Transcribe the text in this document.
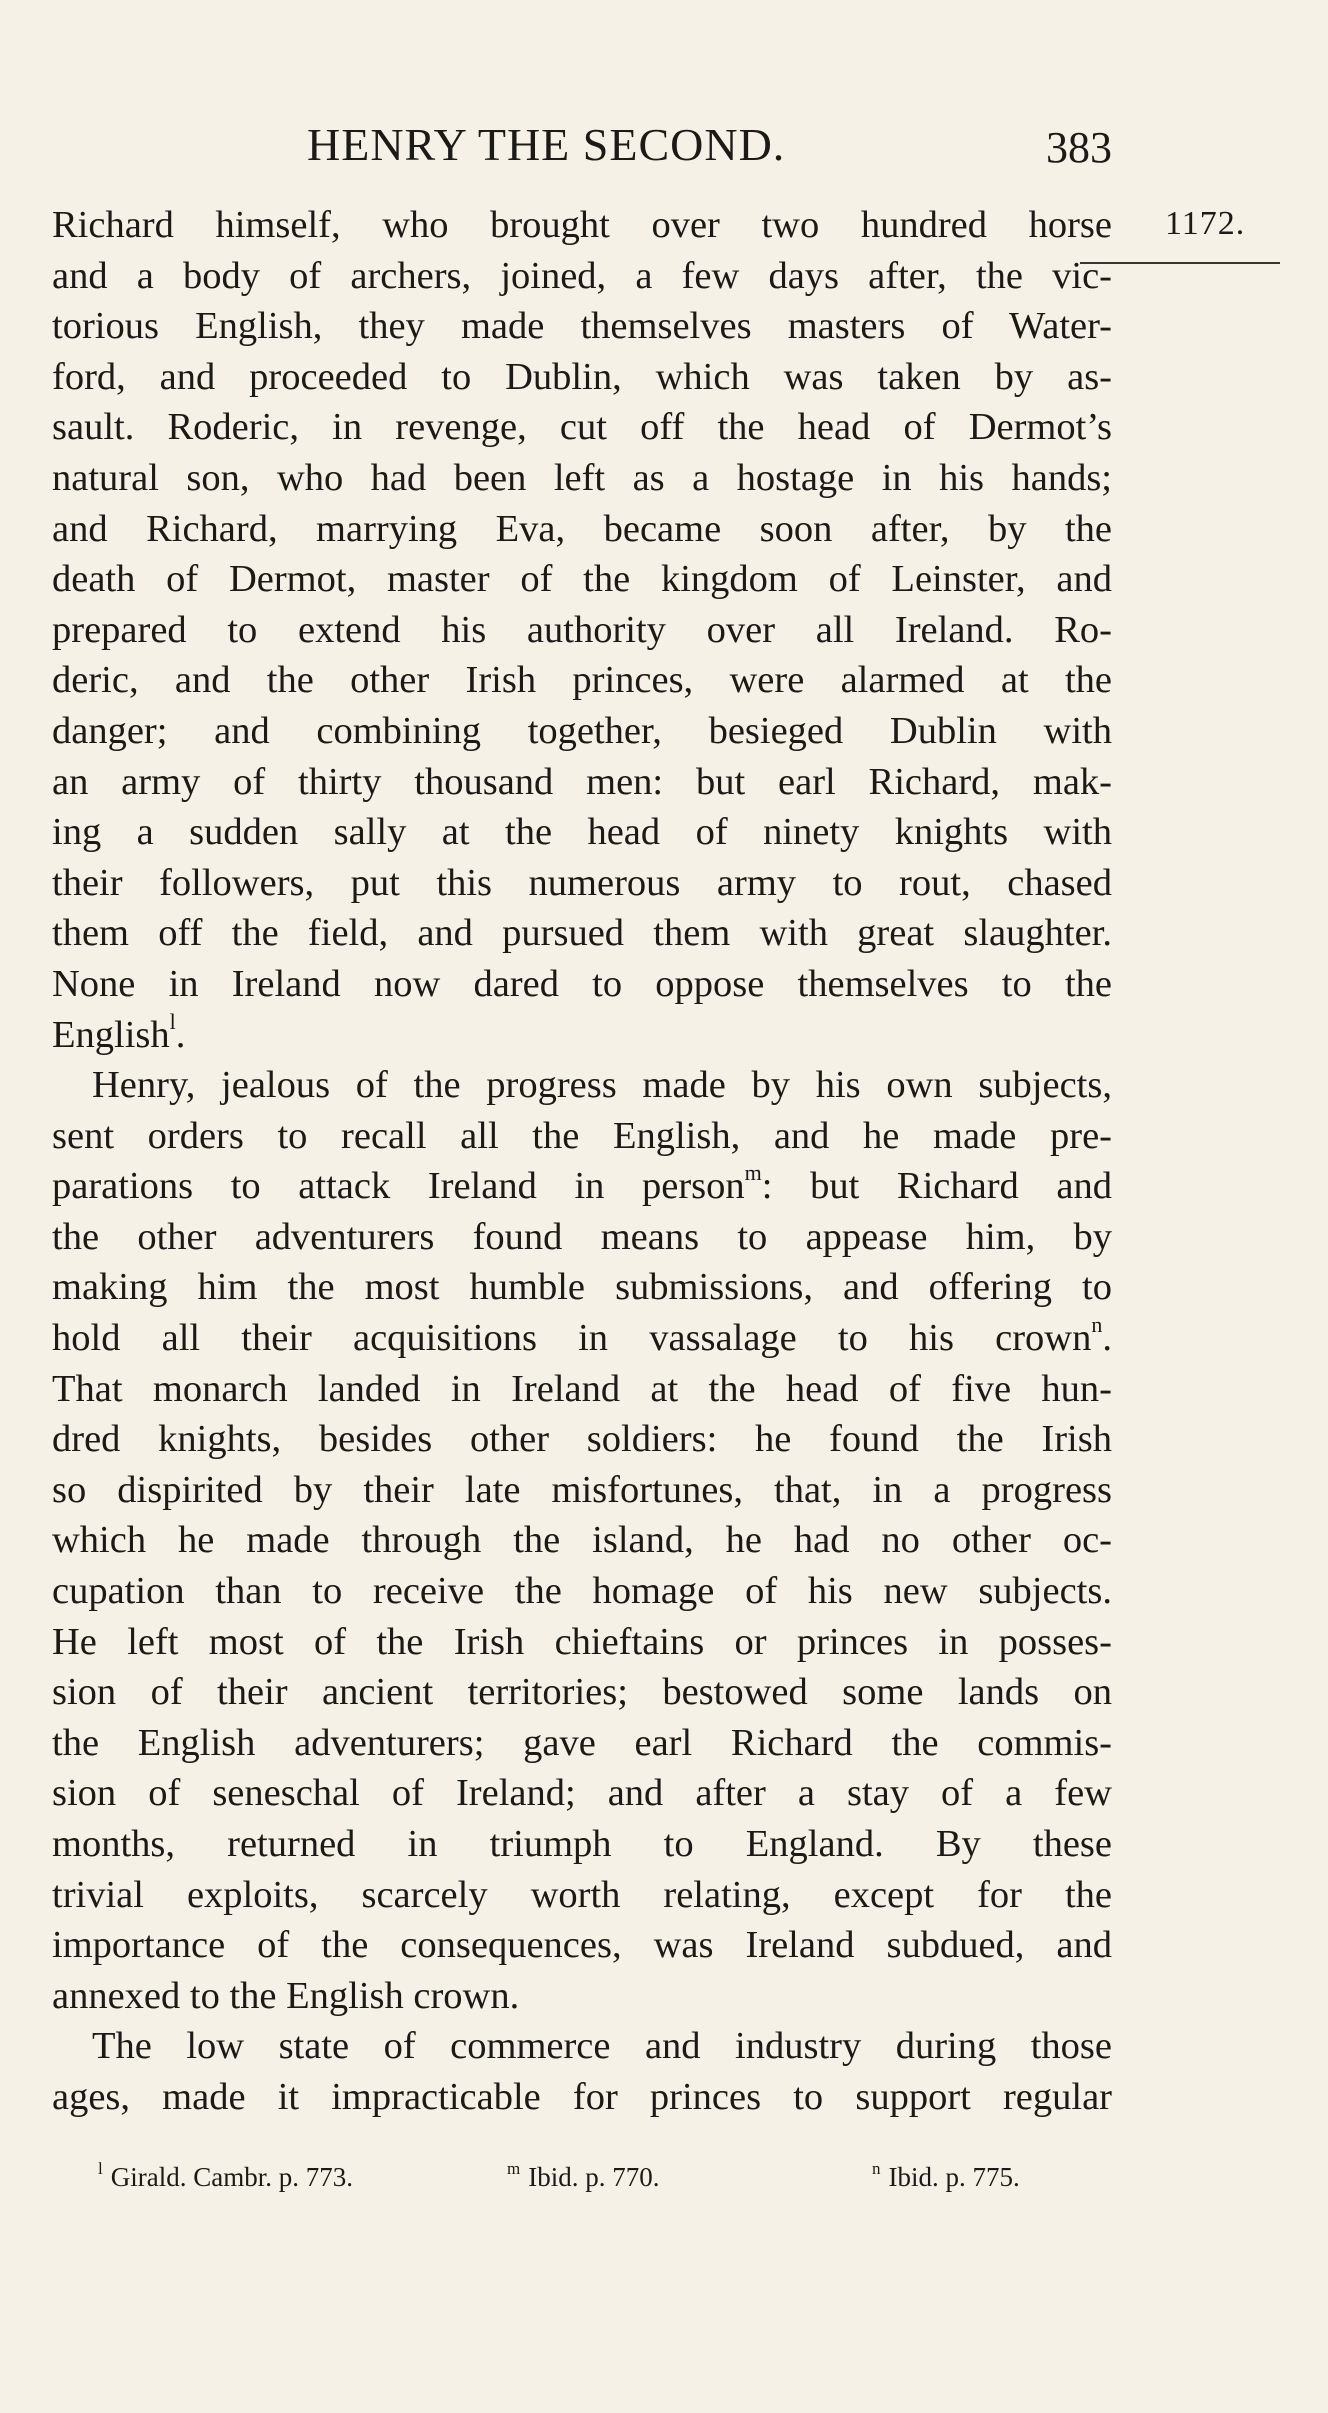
HENRY THE SECOND.	383
1172.
Richard himself, who brought over two hundred horse
and a body of archers, joined, a few days after, the vic-
torious English, they made themselves masters of Water-
ford, and proceeded to Dublin, which was taken by as-
sault. Roderic, in revenge, cut off the head of Dermot’s
natural son, who had been left as a hostage in his hands;
and Richard, marrying Eva, became soon after, by the
death of Dermot, master of the kingdom of Leinster, and
prepared to extend his authority over all Ireland. Ro-
deric, and the other Irish princes, were alarmed at the
danger; and combining together, besieged Dublin with
an army of thirty thousand men: but earl Richard, mak-
ing a sudden sally at the head of ninety knights with
their followers, put this numerous army to rout, chased
them off the field, and pursued them with great slaughter.
None in Ireland now dared to oppose themselves to the
English$^l$.
Henry, jealous of the progress made by his own subjects,
sent orders to recall all the English, and he made pre-
parations to attack Ireland in person$^m$: but Richard and
the other adventurers found means to appease him, by
making him the most humble submissions, and offering to
hold all their acquisitions in vassalage to his crown$^n$.
That monarch landed in Ireland at the head of five hun-
dred knights, besides other soldiers: he found the Irish
so dispirited by their late misfortunes, that, in a progress
which he made through the island, he had no other oc-
cupation than to receive the homage of his new subjects.
He left most of the Irish chieftains or princes in posses-
sion of their ancient territories; bestowed some lands on
the English adventurers; gave earl Richard the commis-
sion of seneschal of Ireland; and after a stay of a few
months, returned in triumph to England. By these
trivial exploits, scarcely worth relating, except for the
importance of the consequences, was Ireland subdued, and
annexed to the English crown.
The low state of commerce and industry during those
ages, made it impracticable for princes to support regular
$^l$ Girald. Cambr. p. 773.	$^m$ Ibid. p. 770.	$^n$ Ibid. p. 775.
